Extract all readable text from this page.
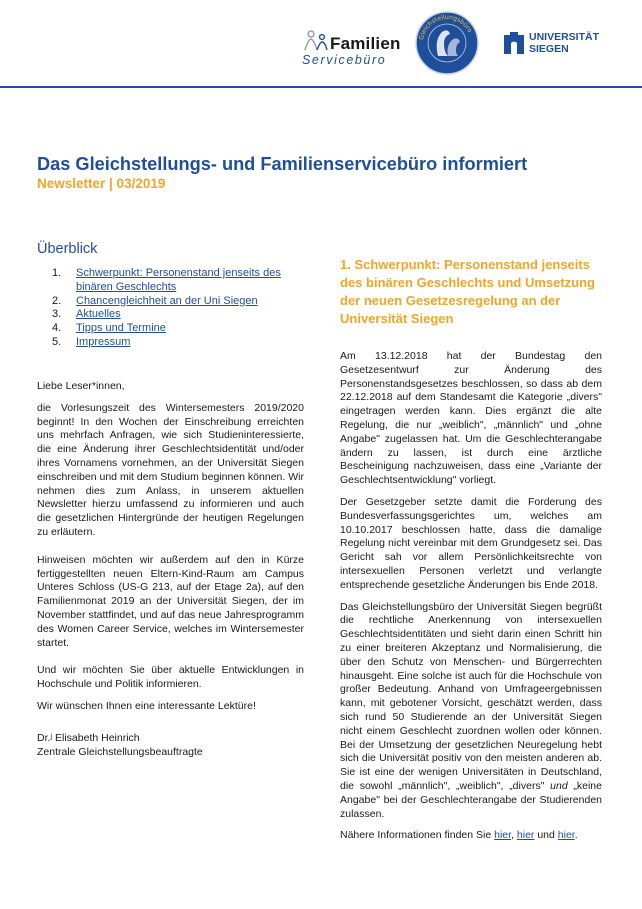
Familien
Servicebüro
Gleichstellungsbüro
UNIVERSITÄT
SIEGEN
Das Gleichstellungs- und Familienservicebüro informiert
Newsletter | 03/2019
Überblick
1.	Schwerpunkt: Personenstand jenseits des binären Geschlechts
2.	Chancengleichheit an der Uni Siegen
3.	Aktuelles
4.	Tipps und Termine
5.	Impressum

Liebe Leser*innen,

die Vorlesungszeit des Wintersemesters 2019/2020 beginnt! In den Wochen der Einschreibung erreichten uns mehrfach Anfragen, wie sich Studieninteressierte, die eine Änderung ihrer Geschlechtsidentität und/oder ihres Vornamens vornehmen, an der Universität Siegen einschreiben und mit dem Studium beginnen können. Wir nehmen dies zum Anlass, in unserem aktuellen Newsletter hierzu umfassend zu informieren und auch die gesetzlichen Hintergründe der heutigen Regelungen zu erläutern.

Hinweisen möchten wir außerdem auf den in Kürze fertiggestellten neuen Eltern-Kind-Raum am Campus Unteres Schloss (US-G 213, auf der Etage 2a), auf den Familienmonat 2019 an der Universität Siegen, der im November stattfindet, und auf das neue Jahresprogramm des Women Career Service, welches im Wintersemester startet.

Und wir möchten Sie über aktuelle Entwicklungen in Hochschule und Politik informieren.

Wir wünschen Ihnen eine interessante Lektüre!

Dr.ʲ Elisabeth Heinrich
Zentrale Gleichstellungsbeauftragte
1. Schwerpunkt: Personenstand jenseits des binären Geschlechts und Umsetzung der neuen Gesetzesregelung an der Universität Siegen

Am 13.12.2018 hat der Bundestag den Gesetzesentwurf zur Änderung des Personenstandsgesetzes beschlossen, so dass ab dem 22.12.2018 auf dem Standesamt die Kategorie „divers" eingetragen werden kann. Dies ergänzt die alte Regelung, die nur „weiblich", „männlich" und „ohne Angabe" zugelassen hat. Um die Geschlechterangabe ändern zu lassen, ist durch eine ärztliche Bescheinigung nachzuweisen, dass eine „Variante der Geschlechtsentwicklung" vorliegt.

Der Gesetzgeber setzte damit die Forderung des Bundesverfassungsgerichtes um, welches am 10.10.2017 beschlossen hatte, dass die damalige Regelung nicht vereinbar mit dem Grundgesetz sei. Das Gericht sah vor allem Persönlichkeitsrechte von intersexuellen Personen verletzt und verlangte entsprechende gesetzliche Änderungen bis Ende 2018.

Das Gleichstellungsbüro der Universität Siegen begrüßt die rechtliche Anerkennung von intersexuellen Geschlechtsidentitäten und sieht darin einen Schritt hin zu einer breiteren Akzeptanz und Normalisierung, die über den Schutz von Menschen- und Bürgerrechten hinausgeht. Eine solche ist auch für die Hochschule von großer Bedeutung. Anhand von Umfrageergebnissen kann, mit gebotener Vorsicht, geschätzt werden, dass sich rund 50 Studierende an der Universität Siegen nicht einem Geschlecht zuordnen wollen oder können. Bei der Umsetzung der gesetzlichen Neuregelung hebt sich die Universität positiv von den meisten anderen ab. Sie ist eine der wenigen Universitäten in Deutschland, die sowohl „männlich", „weiblich", „divers" und „keine Angabe" bei der Geschlechterangabe der Studierenden zulassen.

Nähere Informationen finden Sie hier, hier und hier.
